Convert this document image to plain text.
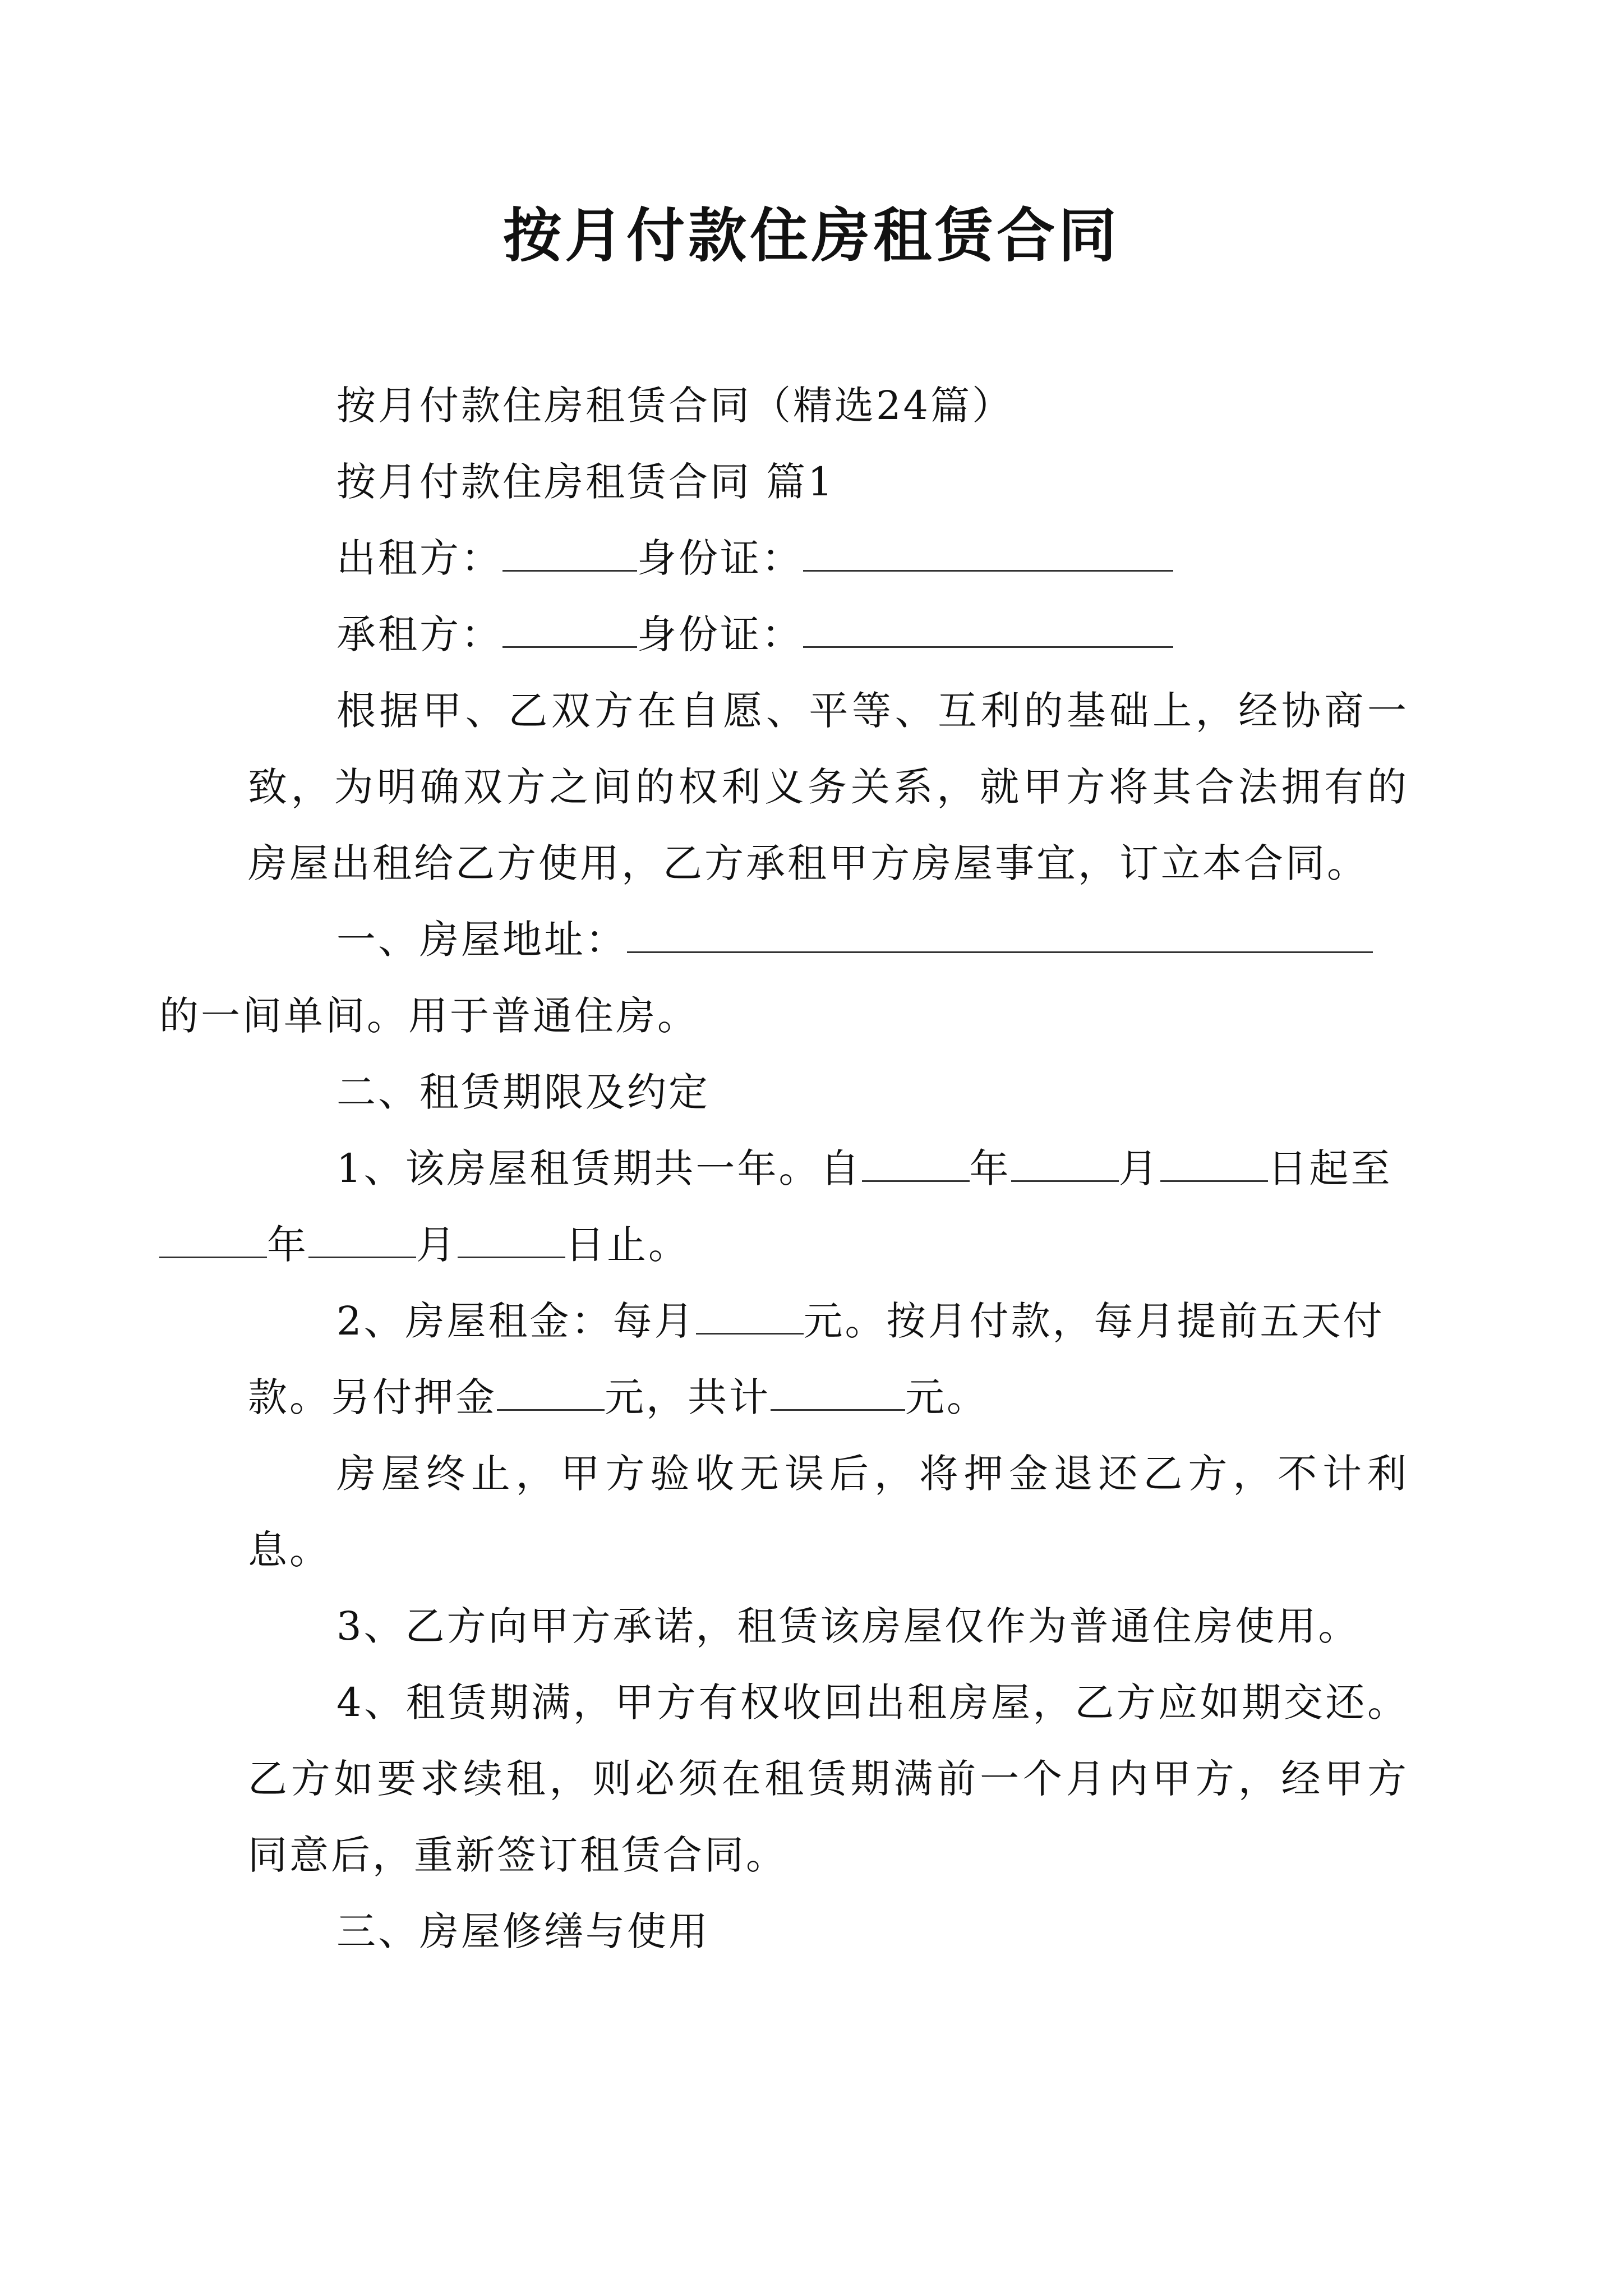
按月付款住房租赁合同

按月付款住房租赁合同（精选24篇）

按月付款住房租赁合同 篇1

出租方：	身份证：

承租方：	身份证：

根据甲、乙双方在自愿、平等、互利的基础上，经协商一致，为明确双方之间的权利义务关系，就甲方将其合法拥有的房屋出租给乙方使用，乙方承租甲方房屋事宜，订立本合同。

一、房屋地址：
的一间单间。用于普通住房。

二、租赁期限及约定

1、该房屋租赁期共一年。自	年	月	日起至
年	月	日止。

2、房屋租金：每月	元。按月付款，每月提前五天付款。另付押金	元，共计	元。

房屋终止，甲方验收无误后，将押金退还乙方，不计利息。

3、乙方向甲方承诺，租赁该房屋仅作为普通住房使用。

4、租赁期满，甲方有权收回出租房屋，乙方应如期交还。乙方如要求续租，则必须在租赁期满前一个月内甲方，经甲方同意后，重新签订租赁合同。

三、房屋修缮与使用
